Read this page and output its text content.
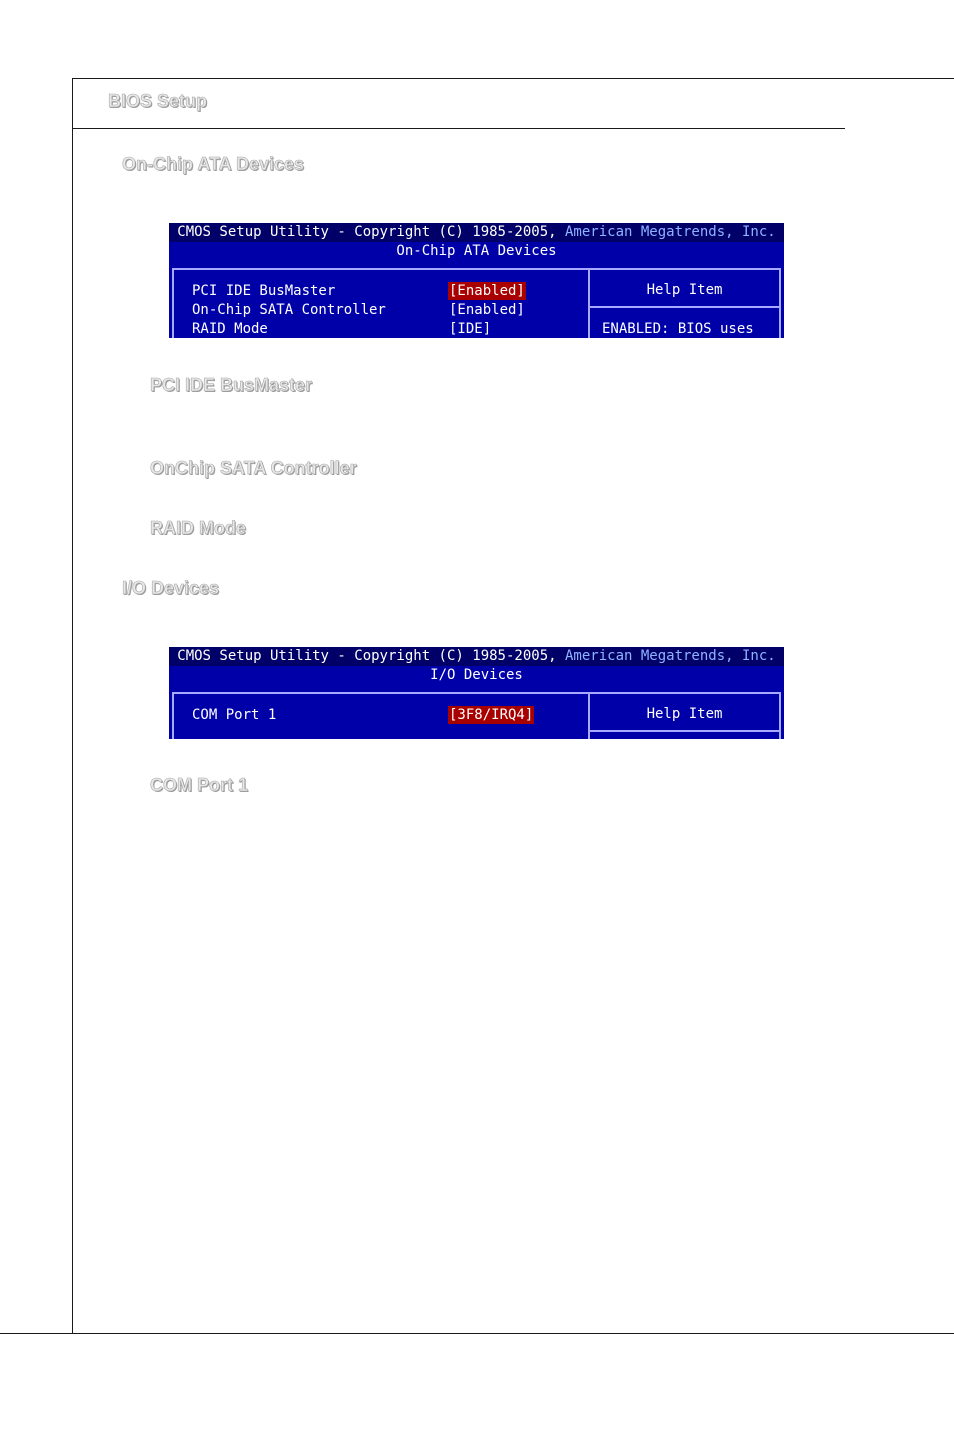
BIOS Setup
On-Chip ATA Devices
CMOS Setup Utility - Copyright (C) 1985-2005, American Megatrends, Inc.
On-Chip ATA Devices
Help Item
ENABLED: BIOS uses
PCI IDE BusMaster	[Enabled]
On-Chip SATA Controller	[Enabled]
RAID Mode	[IDE]
PCI IDE BusMaster
OnChip SATA Controller
RAID Mode
I/O Devices
CMOS Setup Utility - Copyright (C) 1985-2005, American Megatrends, Inc.
I/O Devices
Help Item
COM Port 1	[3F8/IRQ4]
COM Port 1
